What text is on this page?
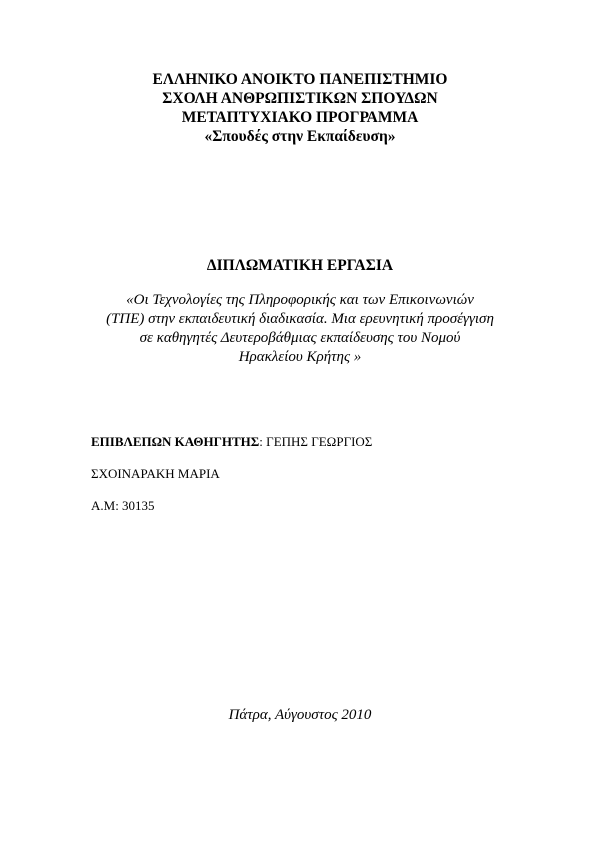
ΕΛΛΗΝΙΚΟ ΑΝΟΙΚΤΟ ΠΑΝΕΠΙΣΤΗΜΙΟ
ΣΧΟΛΗ ΑΝΘΡΩΠΙΣΤΙΚΩΝ ΣΠΟΥΔΩΝ
ΜΕΤΑΠΤΥΧΙΑΚΟ ΠΡΟΓΡΑΜΜΑ
«Σπουδές στην Εκπαίδευση»
ΔΙΠΛΩΜΑΤΙΚΗ ΕΡΓΑΣΙΑ
«Οι Τεχνολογίες της Πληροφορικής και των Επικοινωνιών
(ΤΠΕ) στην εκπαιδευτική διαδικασία. Μια ερευνητική προσέγγιση
σε καθηγητές Δευτεροβάθμιας εκπαίδευσης του Νομού
Ηρακλείου Κρήτης »
ΕΠΙΒΛΕΠΩΝ ΚΑΘΗΓΗΤΗΣ: ΓΕΠΗΣ ΓΕΩΡΓΙΟΣ
ΣΧΟΙΝΑΡΑΚΗ ΜΑΡΙΑ
Α.Μ: 30135
Πάτρα, Αύγουστος 2010
